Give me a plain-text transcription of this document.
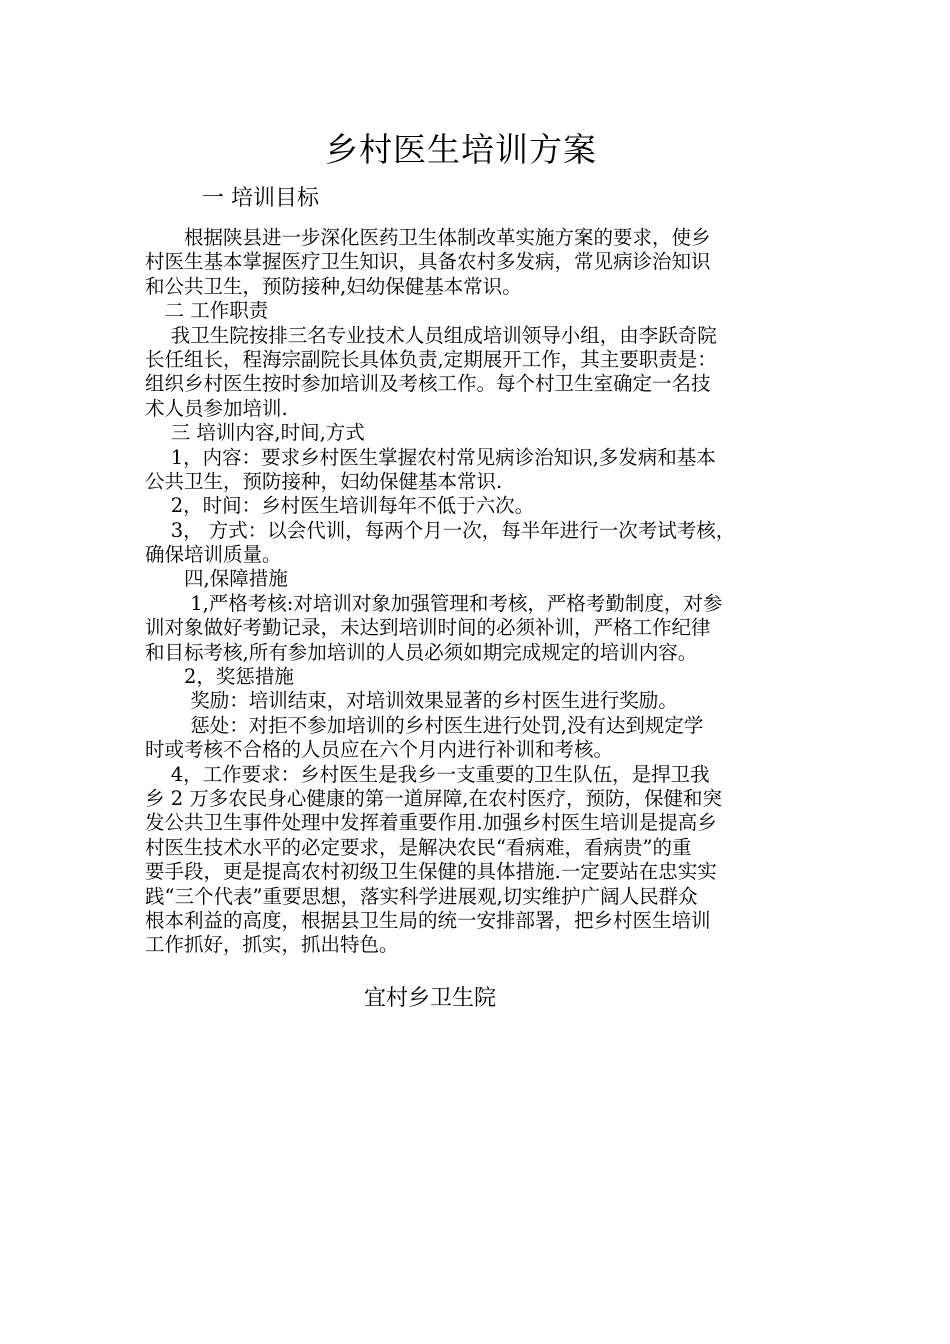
乡村医生培训方案
一 培训目标
　　根据陕县进一步深化医药卫生体制改革实施方案的要求，使乡
村医生基本掌握医疗卫生知识，具备农村多发病，常见病诊治知识
和公共卫生，预防接种,妇幼保健基本常识。
　二 工作职责
　 我卫生院按排三名专业技术人员组成培训领导小组，由李跃奇院
长任组长，程海宗副院长具体负责,定期展开工作，其主要职责是：
组织乡村医生按时参加培训及考核工作。每个村卫生室确定一名技
术人员参加培训.
　 三 培训内容,时间,方式
　 1，内容：要求乡村医生掌握农村常见病诊治知识,多发病和基本
公共卫生，预防接种，妇幼保健基本常识.
　 2，时间：乡村医生培训每年不低于六次。
　 3， 方式：以会代训，每两个月一次，每半年进行一次考试考核，
确保培训质量。
　　四,保障措施
　　 1,严格考核:对培训对象加强管理和考核，严格考勤制度，对参
训对象做好考勤记录，未达到培训时间的必须补训，严格工作纪律
和目标考核,所有参加培训的人员必须如期完成规定的培训内容。
　　2，奖惩措施
　　 奖励：培训结束，对培训效果显著的乡村医生进行奖励。
　　 惩处：对拒不参加培训的乡村医生进行处罚,没有达到规定学
时或考核不合格的人员应在六个月内进行补训和考核。
　 4，工作要求：乡村医生是我乡一支重要的卫生队伍，是捍卫我
乡 2 万多农民身心健康的第一道屏障,在农村医疗，预防，保健和突
发公共卫生事件处理中发挥着重要作用.加强乡村医生培训是提高乡
村医生技术水平的必定要求，是解决农民“看病难，看病贵”的重
要手段，更是提高农村初级卫生保健的具体措施.一定要站在忠实实
践“三个代表”重要思想，落实科学进展观,切实维护广阔人民群众
根本利益的高度，根据县卫生局的统一安排部署，把乡村医生培训
工作抓好，抓实，抓出特色。
宜村乡卫生院
